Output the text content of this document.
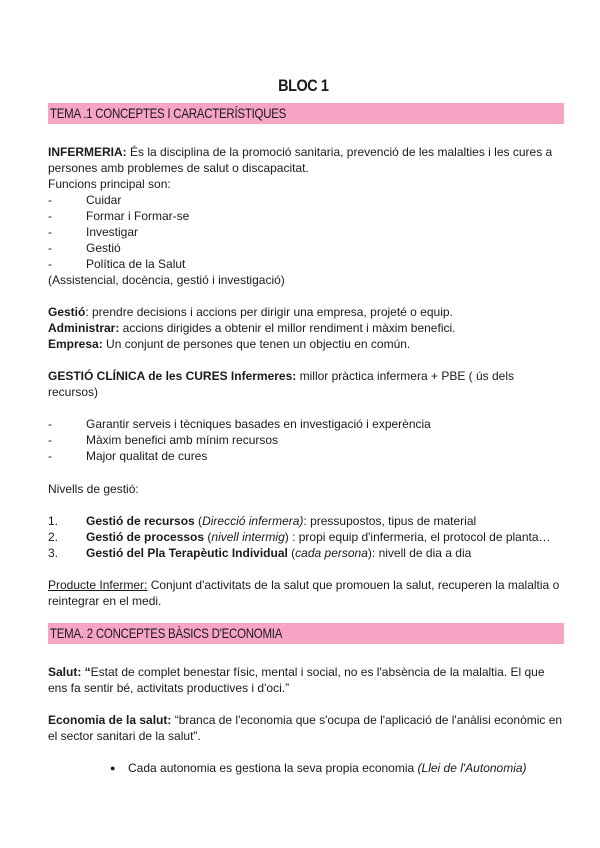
BLOC 1
TEMA .1 CONCEPTES I CARACTERÍSTIQUES
INFERMERIA: És la disciplina de la promoció sanitaria, prevenció de les malalties i les cures a
persones amb problemes de salut o discapacitat.
Funcions principal son:
-	Cuidar
-	Formar i Formar-se
-	Investigar
-	Gestió
-	Política de la Salut
(Assistencial, docència, gestió i investigació)
Gestió: prendre decisions i accions per dirigir una empresa, projeté o equip.
Administrar: accions dirigides a obtenir el millor rendiment i màxim benefici.
Empresa: Un conjunt de persones que tenen un objectiu en común.
GESTIÓ CLÍNICA de les CURES Infermeres: millor pràctica infermera + PBE ( ús dels
recursos)
-	Garantir serveis i tècniques basades en investigació i experència
-	Màxim benefici amb mínim recursos
-	Major qualitat de cures
Nivells de gestió:
1. Gestió de recursos (Direcció infermera): pressupostos, tipus de material
2. Gestió de processos (nivell intermig) : propi equip d'infermeria, el protocol de planta…
3. Gestió del Pla Terapèutic Individual (cada persona): nivell de dia a dia
Producte Infermer: Conjunt d'activitats de la salut que promouen la salut, recuperen la malaltia o
reintegrar en el medi.
TEMA. 2 CONCEPTES BÀSICS D'ECONOMIA
Salut: “Estat de complet benestar físic, mental i social, no es l'absència de la malaltia. El que
ens fa sentir bé, activitats productives i d'oci.”
Economia de la salut: “branca de l'economia que s'ocupa de l'aplicació de l'anàlisi econòmic en
el sector sanitari de la salut”.
● Cada autonomia es gestiona la seva propia economia (Llei de l'Autonomia)
